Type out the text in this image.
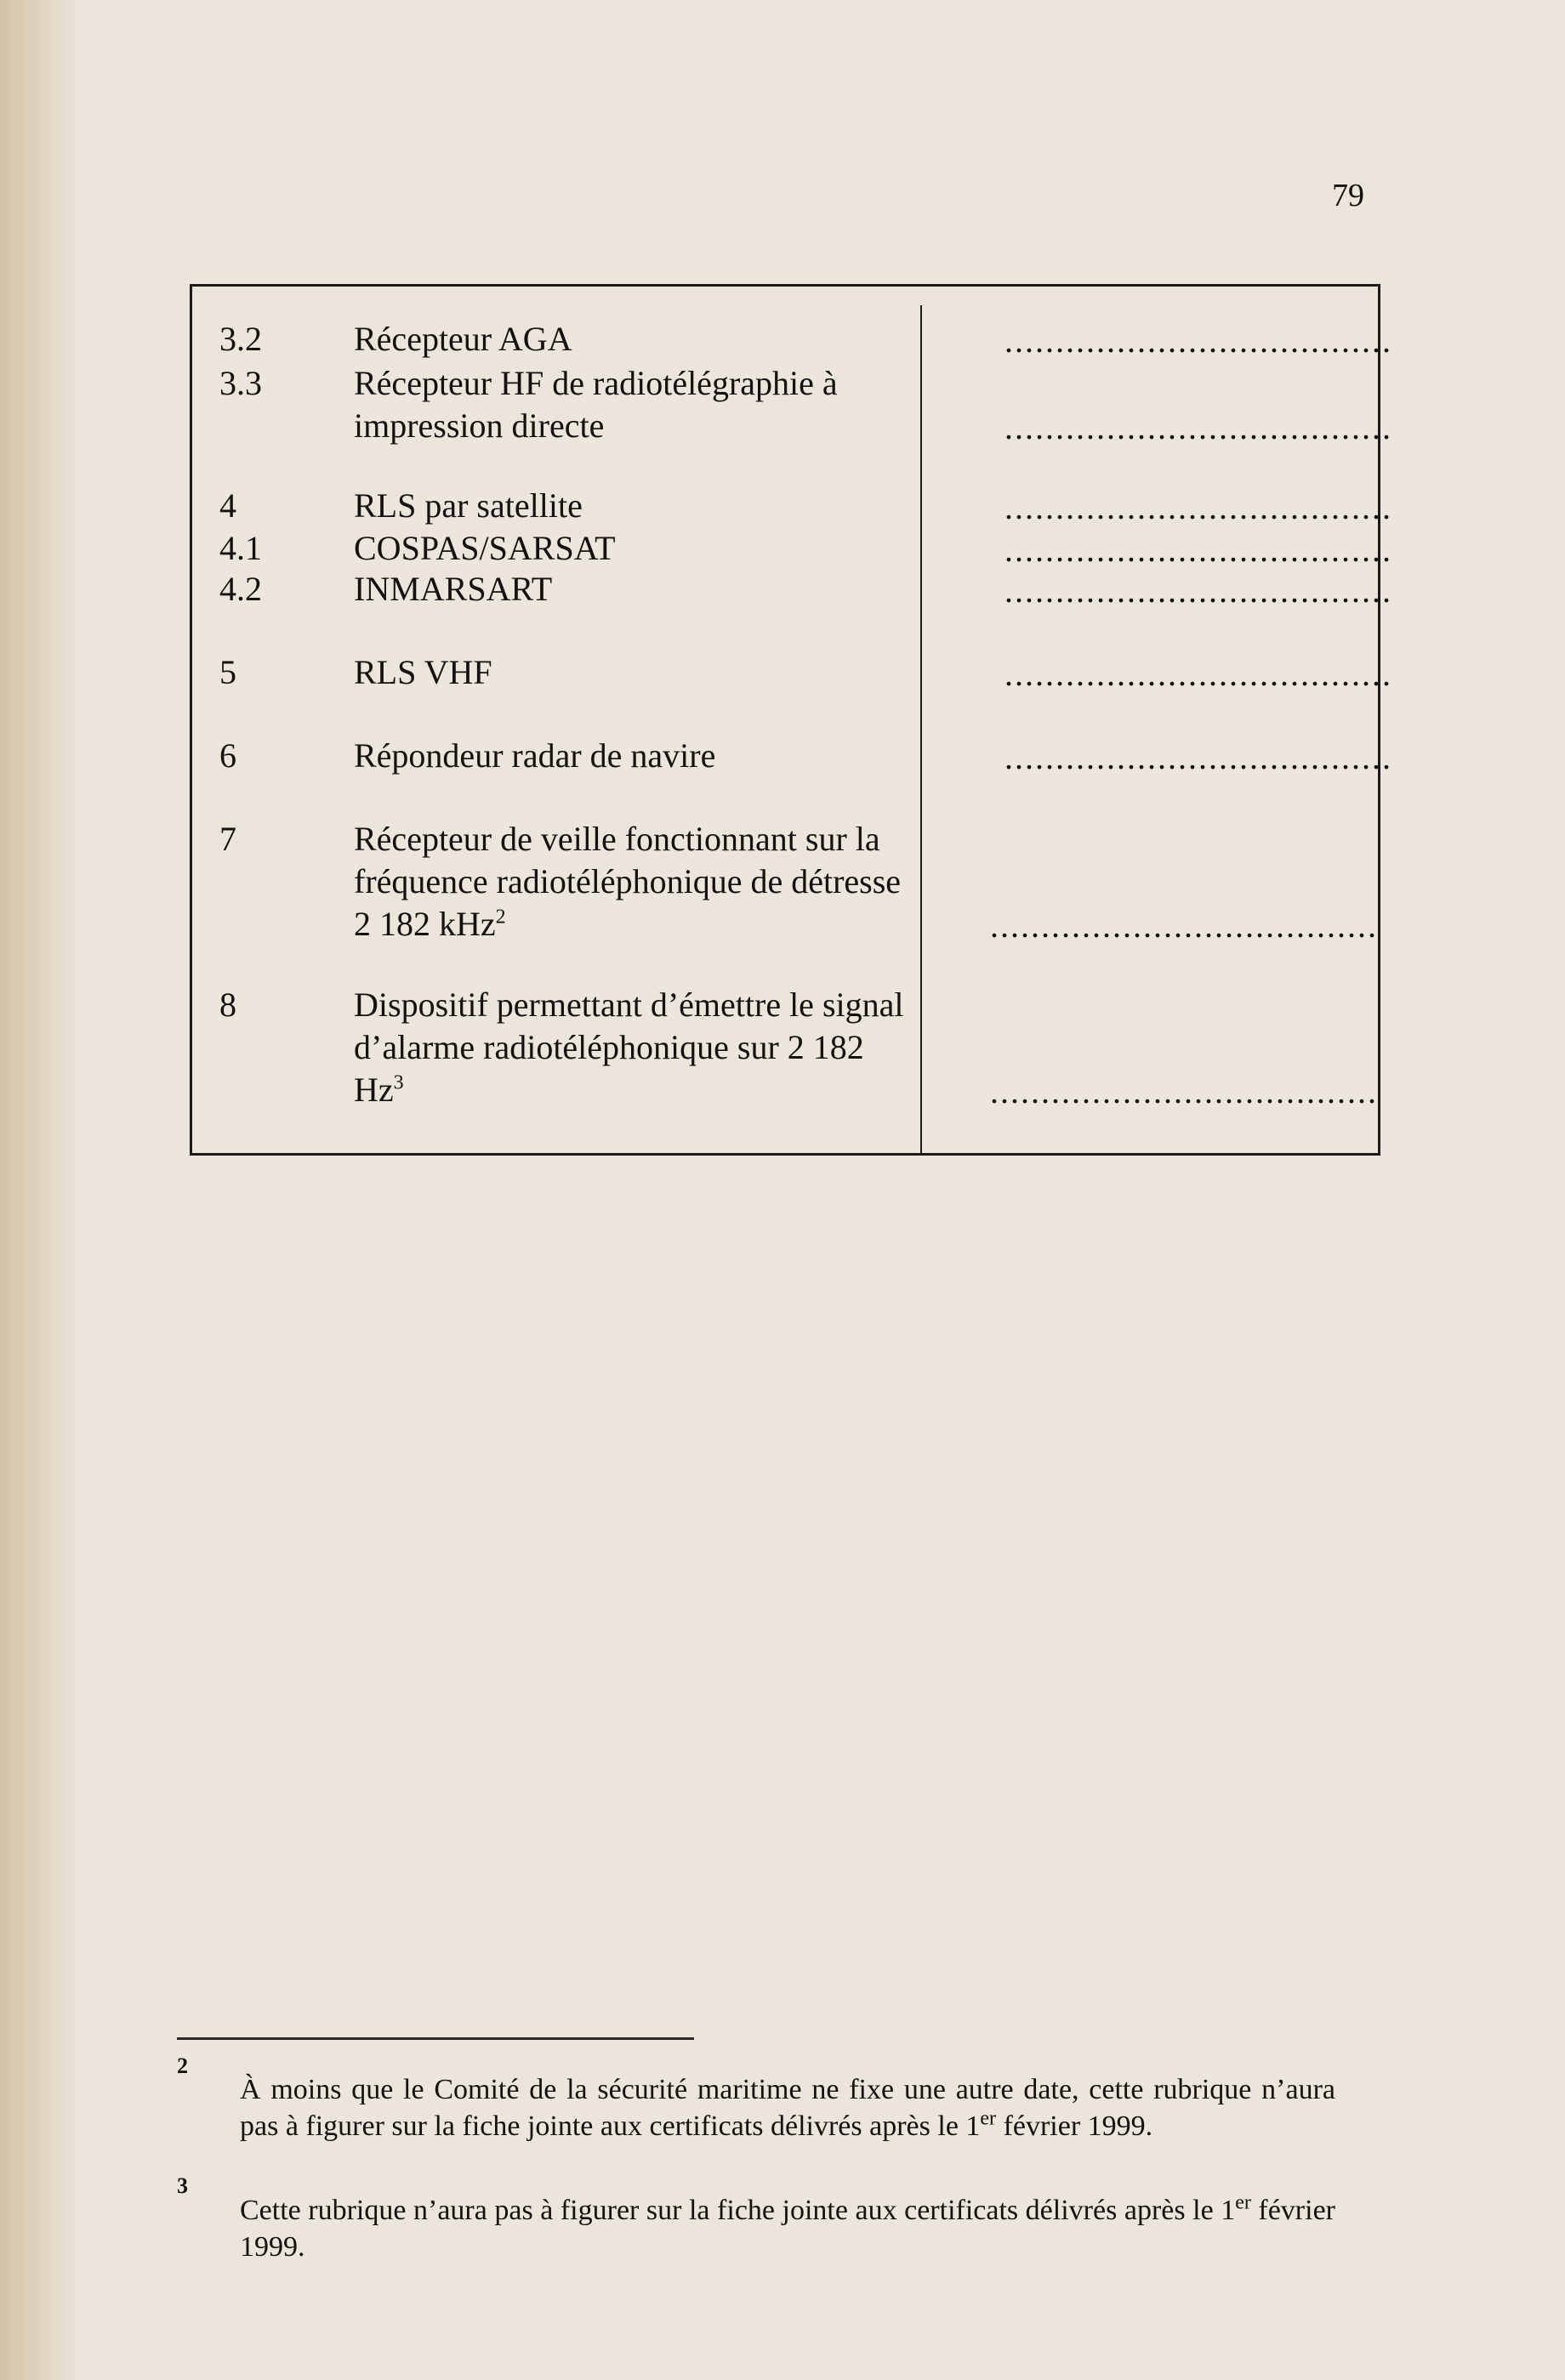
79
3.2	Récepteur AGA	......................................
3.3	Récepteur HF de radiotélégraphie à impression directe	......................................
4	RLS par satellite	......................................
4.1	COSPAS/SARSAT	......................................
4.2	INMARSART	......................................
5	RLS VHF	......................................
6	Répondeur radar de navire	......................................
7	Récepteur de veille fonctionnant sur la fréquence radiotéléphonique de détresse 2 182 kHz$^2$	......................................
8	Dispositif permettant d’émettre le signal d’alarme radiotéléphonique sur 2 182 Hz$^3$	......................................
2
À moins que le Comité de la sécurité maritime ne fixe une autre date, cette rubrique n’aura pas à figurer sur la fiche jointe aux certificats délivrés après le 1er février 1999.
3
Cette rubrique n’aura pas à figurer sur la fiche jointe aux certificats délivrés après le 1er février 1999.
